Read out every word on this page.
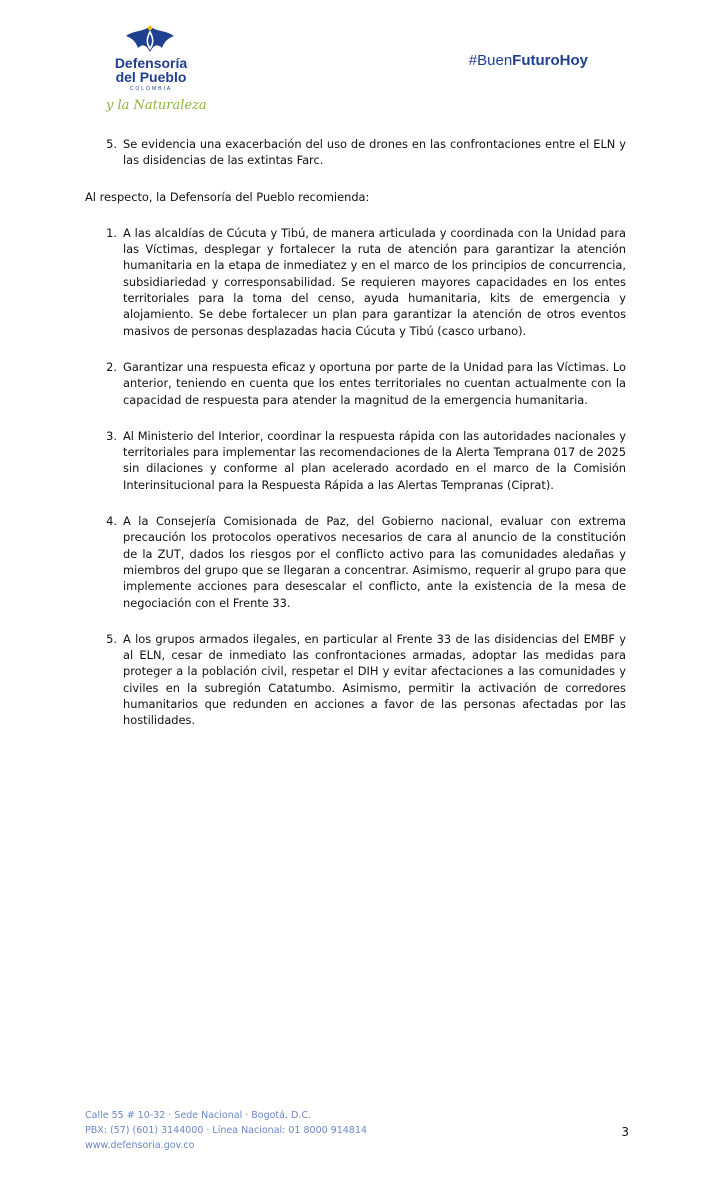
Defensoría
del Pueblo
COLOMBIA
y la Naturaleza
#BuenFuturoHoy
5. Se evidencia una exacerbación del uso de drones en las confrontaciones entre el ELN y las disidencias de las extintas Farc.

Al respecto, la Defensoría del Pueblo recomienda:

1. A las alcaldías de Cúcuta y Tibú, de manera articulada y coordinada con la Unidad para las Víctimas, desplegar y fortalecer la ruta de atención para garantizar la atención humanitaria en la etapa de inmediatez y en el marco de los principios de concurrencia, subsidiariedad y corresponsabilidad. Se requieren mayores capacidades en los entes territoriales para la toma del censo, ayuda humanitaria, kits de emergencia y alojamiento. Se debe fortalecer un plan para garantizar la atención de otros eventos masivos de personas desplazadas hacia Cúcuta y Tibú (casco urbano).
2. Garantizar una respuesta eficaz y oportuna por parte de la Unidad para las Víctimas. Lo anterior, teniendo en cuenta que los entes territoriales no cuentan actualmente con la capacidad de respuesta para atender la magnitud de la emergencia humanitaria.
3. Al Ministerio del Interior, coordinar la respuesta rápida con las autoridades nacionales y territoriales para implementar las recomendaciones de la Alerta Temprana 017 de 2025 sin dilaciones y conforme al plan acelerado acordado en el marco de la Comisión Interinsitucional para la Respuesta Rápida a las Alertas Tempranas (Ciprat).
4. A la Consejería Comisionada de Paz, del Gobierno nacional, evaluar con extrema precaución los protocolos operativos necesarios de cara al anuncio de la constitución de la ZUT, dados los riesgos por el conflicto activo para las comunidades aledañas y miembros del grupo que se llegaran a concentrar. Asimismo, requerir al grupo para que implemente acciones para desescalar el conflicto, ante la existencia de la mesa de negociación con el Frente 33.
5. A los grupos armados ilegales, en particular al Frente 33 de las disidencias del EMBF y al ELN, cesar de inmediato las confrontaciones armadas, adoptar las medidas para proteger a la población civil, respetar el DIH y evitar afectaciones a las comunidades y civiles en la subregión Catatumbo. Asimismo, permitir la activación de corredores humanitarios que redunden en acciones a favor de las personas afectadas por las hostilidades.
Calle 55 # 10-32 · Sede Nacional · Bogotá, D.C.
PBX: (57) (601) 3144000 · Línea Nacional: 01 8000 914814
www.defensoria.gov.co
3
